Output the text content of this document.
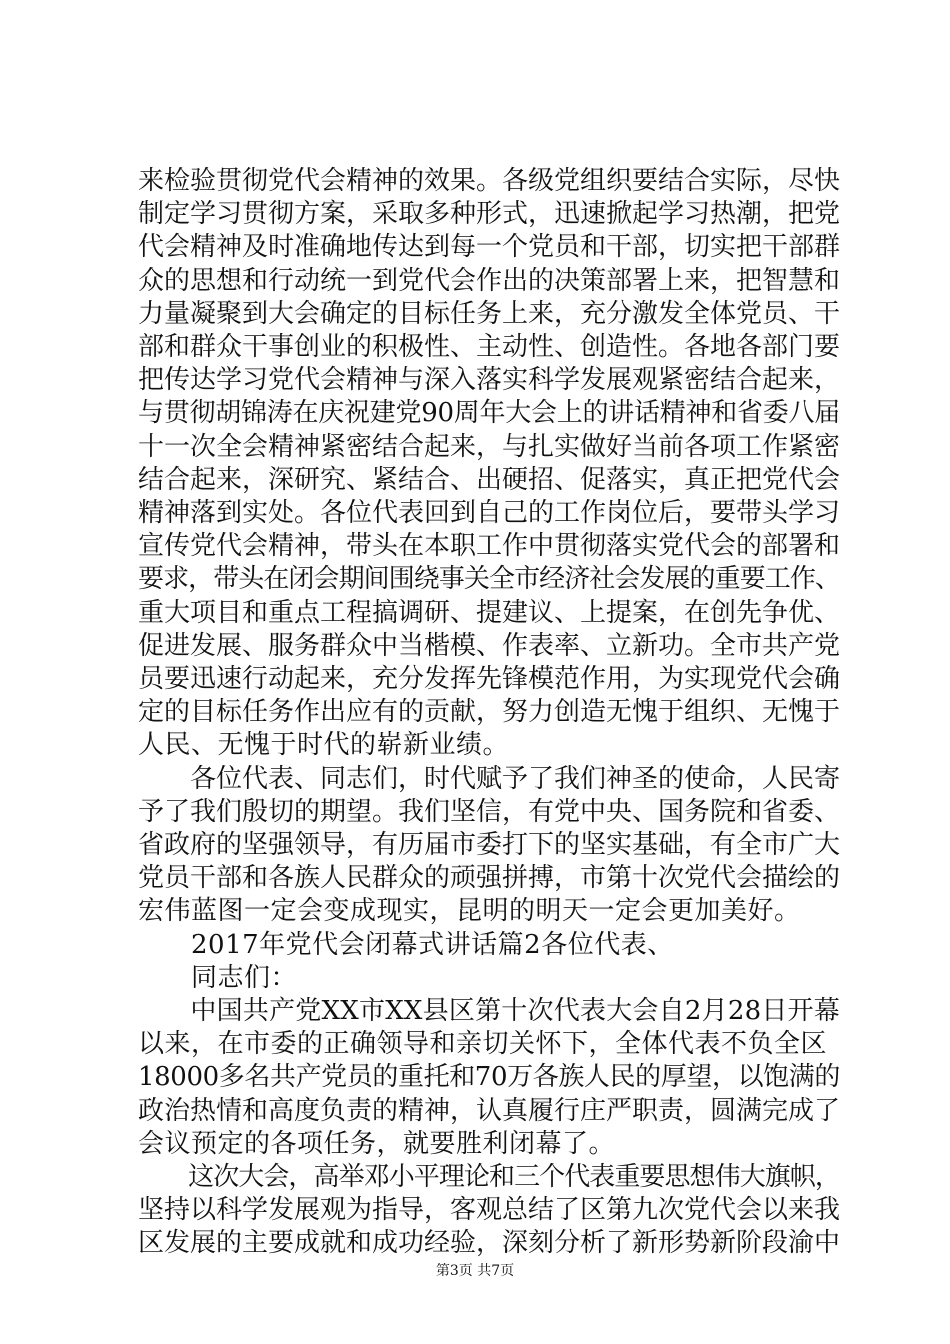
来检验贯彻党代会精神的效果。各级党组织要结合实际，尽快
制定学习贯彻方案，采取多种形式，迅速掀起学习热潮，把党
代会精神及时准确地传达到每一个党员和干部，切实把干部群
众的思想和行动统一到党代会作出的决策部署上来，把智慧和
力量凝聚到大会确定的目标任务上来，充分激发全体党员、干
部和群众干事创业的积极性、主动性、创造性。各地各部门要
把传达学习党代会精神与深入落实科学发展观紧密结合起来，
与贯彻胡锦涛在庆祝建党90周年大会上的讲话精神和省委八届
十一次全会精神紧密结合起来，与扎实做好当前各项工作紧密
结合起来，深研究、紧结合、出硬招、促落实，真正把党代会
精神落到实处。各位代表回到自己的工作岗位后，要带头学习
宣传党代会精神，带头在本职工作中贯彻落实党代会的部署和
要求，带头在闭会期间围绕事关全市经济社会发展的重要工作、
重大项目和重点工程搞调研、提建议、上提案，在创先争优、
促进发展、服务群众中当楷模、作表率、立新功。全市共产党
员要迅速行动起来，充分发挥先锋模范作用，为实现党代会确
定的目标任务作出应有的贡献，努力创造无愧于组织、无愧于
人民、无愧于时代的崭新业绩。
　　各位代表、同志们，时代赋予了我们神圣的使命，人民寄
予了我们殷切的期望。我们坚信，有党中央、国务院和省委、
省政府的坚强领导，有历届市委打下的坚实基础，有全市广大
党员干部和各族人民群众的顽强拼搏，市第十次党代会描绘的
宏伟蓝图一定会变成现实，昆明的明天一定会更加美好。
　　2017年党代会闭幕式讲话篇2各位代表、
　　同志们：
　　中国共产党XX市XX县区第十次代表大会自2月28日开幕
以来，在市委的正确领导和亲切关怀下，全体代表不负全区
18000多名共产党员的重托和70万各族人民的厚望，以饱满的
政治热情和高度负责的精神，认真履行庄严职责，圆满完成了
会议预定的各项任务，就要胜利闭幕了。
　　这次大会，高举邓小平理论和三个代表重要思想伟大旗帜，
坚持以科学发展观为指导，客观总结了区第九次党代会以来我
区发展的主要成就和成功经验，深刻分析了新形势新阶段渝中
第3页 共7页
